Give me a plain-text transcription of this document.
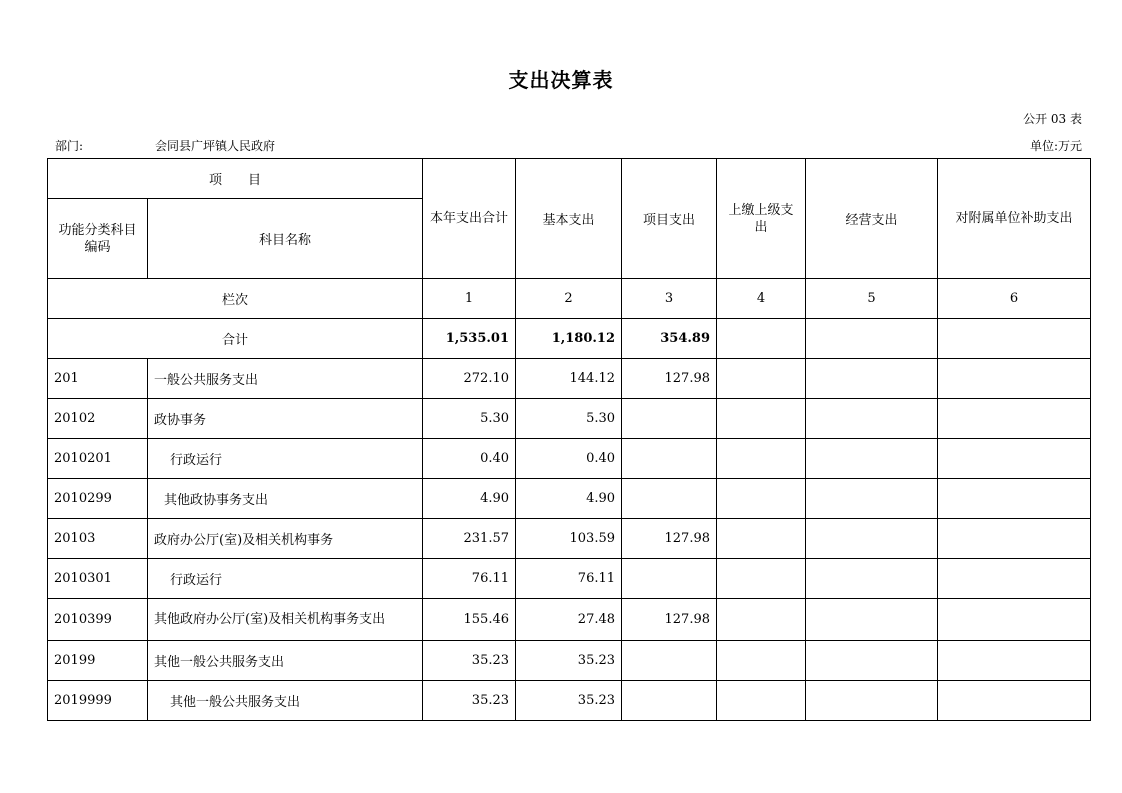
支出决算表
公开 03 表
部门:	会同县广坪镇人民政府	单位:万元
项　　目		本年支出合计	基本支出	项目支出	上缴上级支出	经营支出	对附属单位补助支出
功能分类科目编码	科目名称						
栏次		1	2	3	4	5	6
合计		1,535.01	1,180.12	354.89			
201	一般公共服务支出	272.10	144.12	127.98			
20102	政协事务	5.30	5.30				
2010201	行政运行	0.40	0.40				
2010299	其他政协事务支出	4.90	4.90				
20103	政府办公厅(室)及相关机构事务	231.57	103.59	127.98			
2010301	行政运行	76.11	76.11				
2010399	其他政府办公厅(室)及相关机构事务支出	155.46	27.48	127.98			
20199	其他一般公共服务支出	35.23	35.23				
2019999	其他一般公共服务支出	35.23	35.23				
